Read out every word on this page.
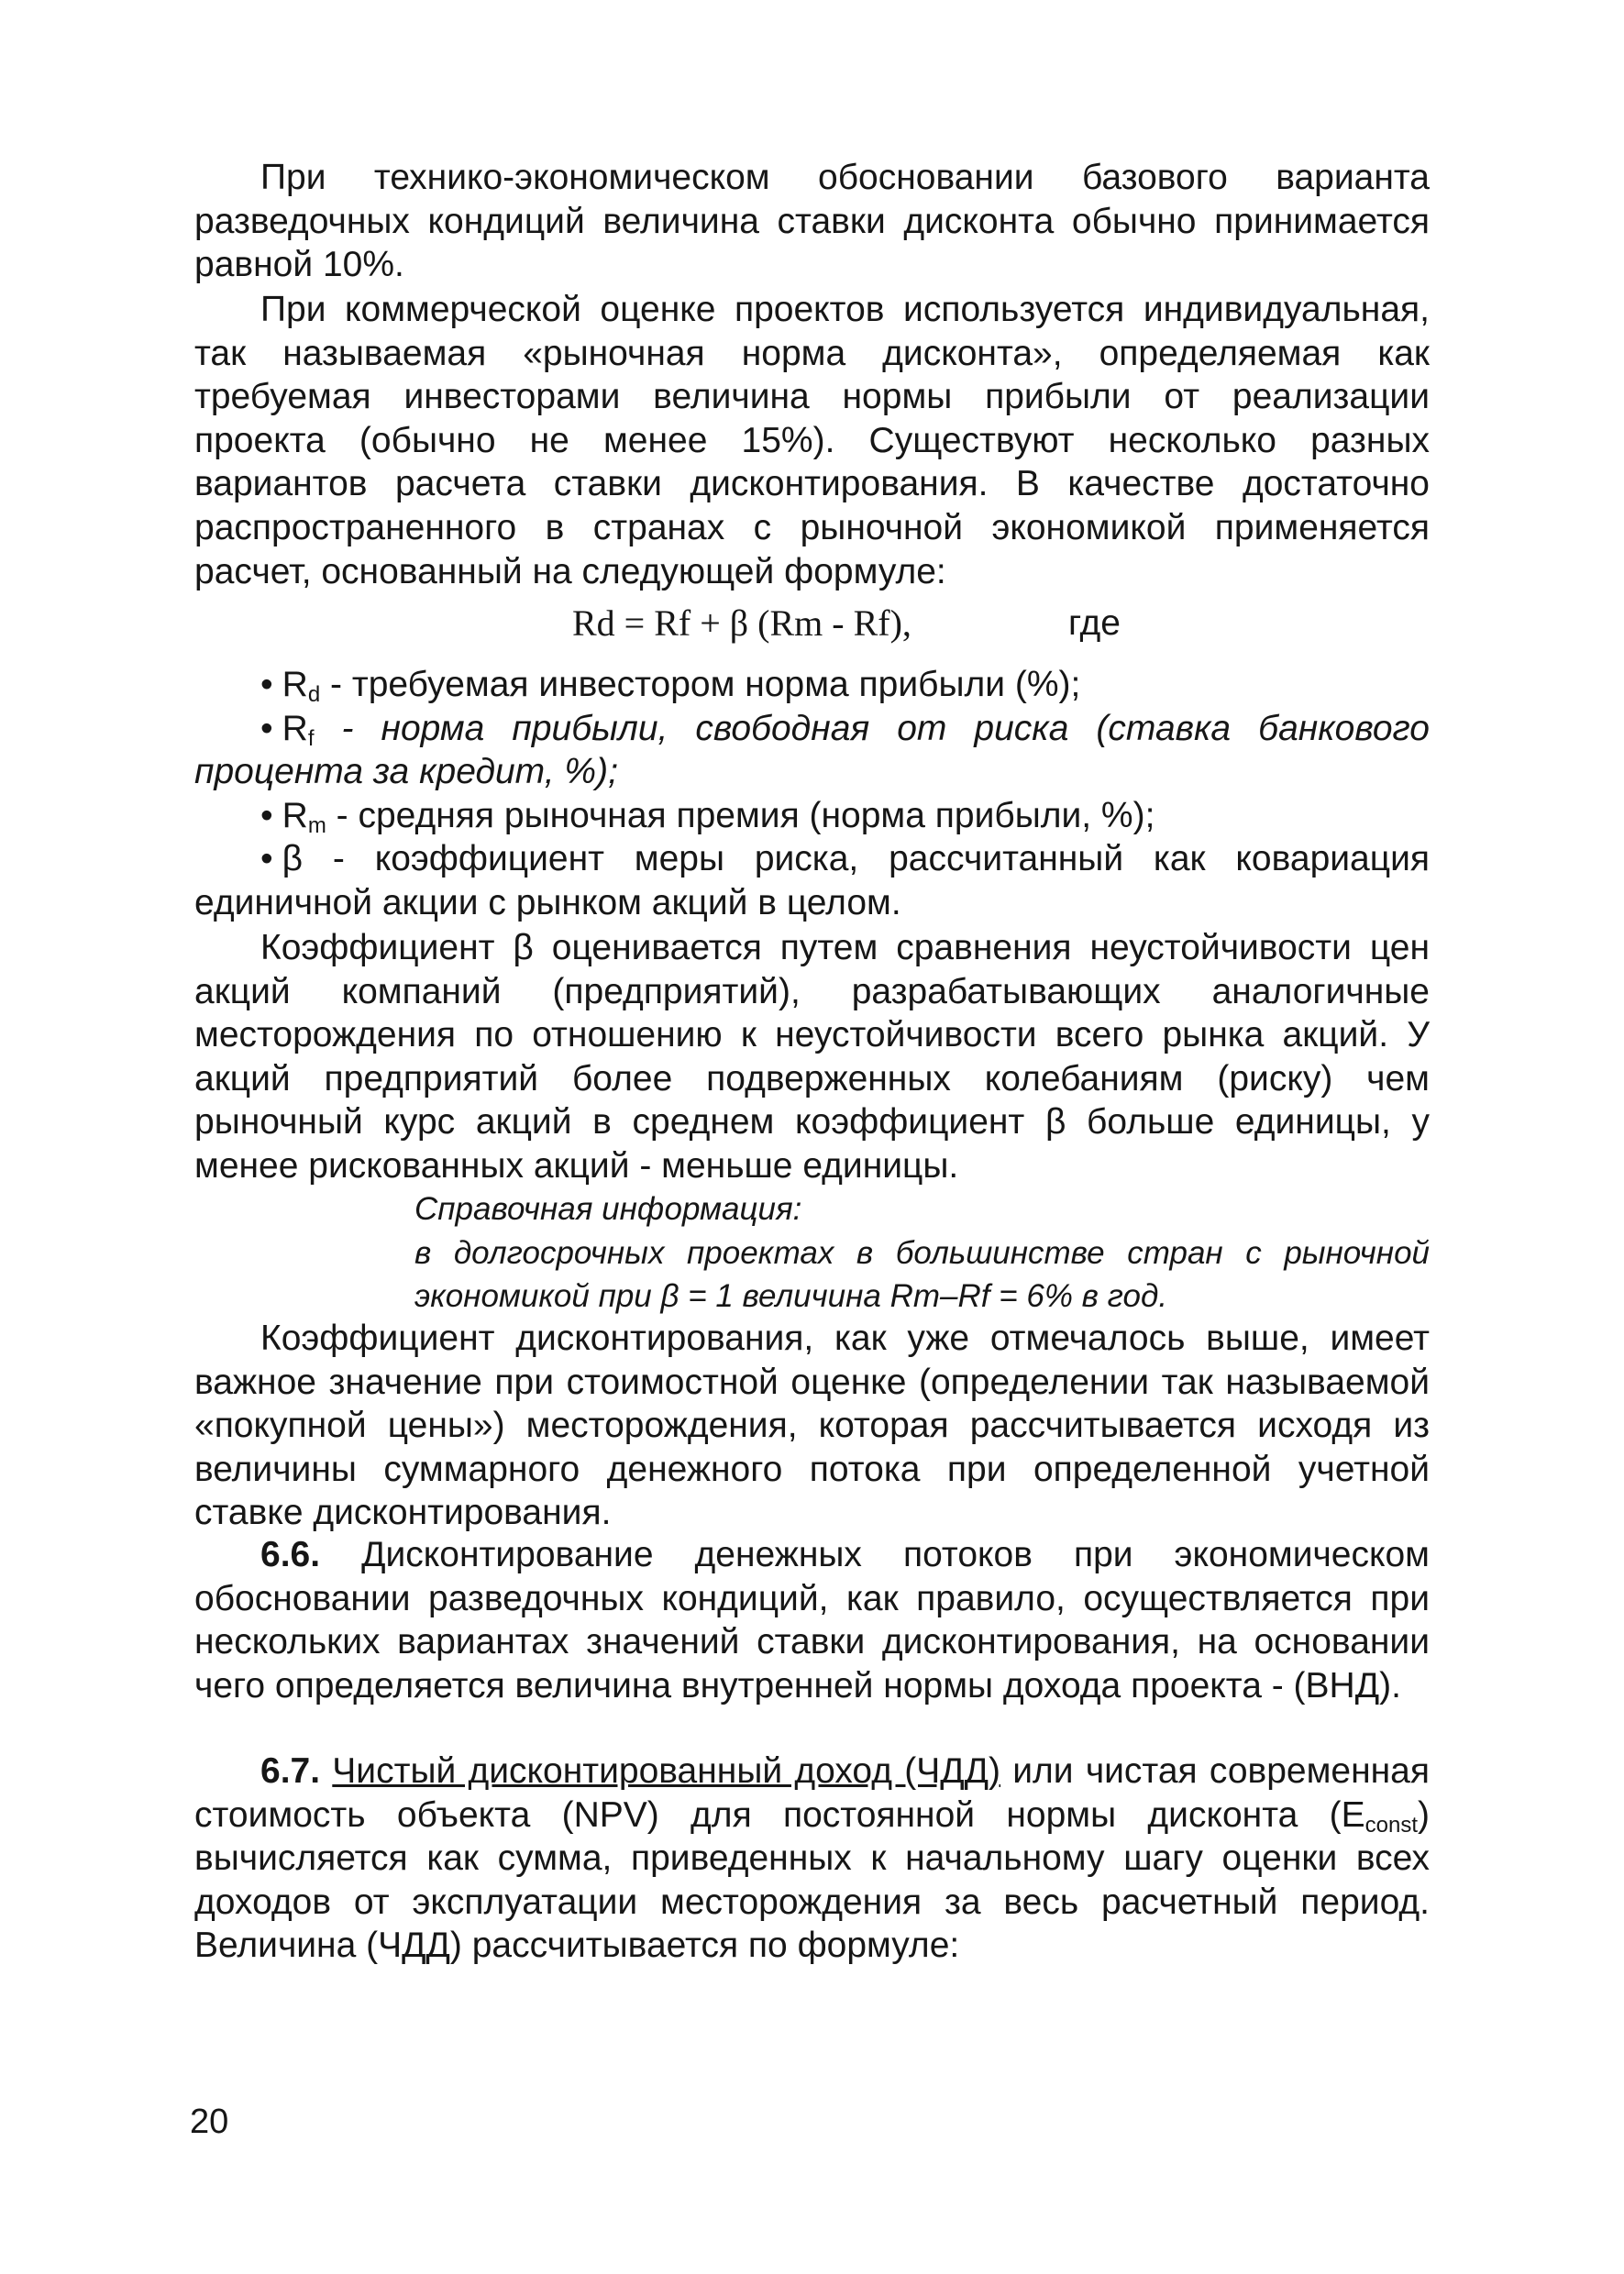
При технико-экономическом обосновании базового варианта разведочных кондиций величина ставки дисконта обычно принимается равной 10%.

При коммерческой оценке проектов используется индивидуальная, так называемая «рыночная норма дисконта», определяемая как требуемая инвесторами величина нормы прибыли от реализации проекта (обычно не менее 15%). Существуют несколько разных вариантов расчета ставки дисконтирования. В качестве достаточно распространенного в странах с рыночной экономикой применяется расчет, основанный на следующей формуле:

Rd = Rf + β (Rm - Rf),	где

• $R_d$ - требуемая инвестором норма прибыли (%);

• $R_f$ - норма прибыли, свободная от риска (ставка банкового процента за кредит, %);

• $R_m$ - средняя рыночная премия (норма прибыли, %);

• β - коэффициент меры риска, рассчитанный как ковариация единичной акции с рынком акций в целом.

Коэффициент β оценивается путем сравнения неустойчивости цен акций компаний (предприятий), разрабатывающих аналогичные месторождения по отношению к неустойчивости всего рынка акций. У акций предприятий более подверженных колебаниям (риску) чем рыночный курс акций в среднем коэффициент β больше единицы, у менее рискованных акций - меньше единицы.

Справочная информация:
в долгосрочных проектах в большинстве стран с рыночной
экономикой при β = 1 величина Rm–Rf = 6% в год.

Коэффициент дисконтирования, как уже отмечалось выше, имеет важное значение при стоимостной оценке (определении так называемой «покупной цены») месторождения, которая рассчитывается исходя из величины суммарного денежного потока при определенной учетной ставке дисконтирования.

6.6. Дисконтирование денежных потоков при экономическом обосновании разведочных кондиций, как правило, осуществляется при нескольких вариантах значений ставки дисконтирования, на основании чего определяется величина внутренней нормы дохода проекта - (ВНД).

6.7. Чистый дисконтированный доход (ЧДД) или чистая современная стоимость объекта (NPV) для постоянной нормы дисконта $(E_{const})$ вычисляется как сумма, приведенных к начальному шагу оценки всех доходов от эксплуатации месторождения за весь расчетный период. Величина (ЧДД) рассчитывается по формуле:

20
